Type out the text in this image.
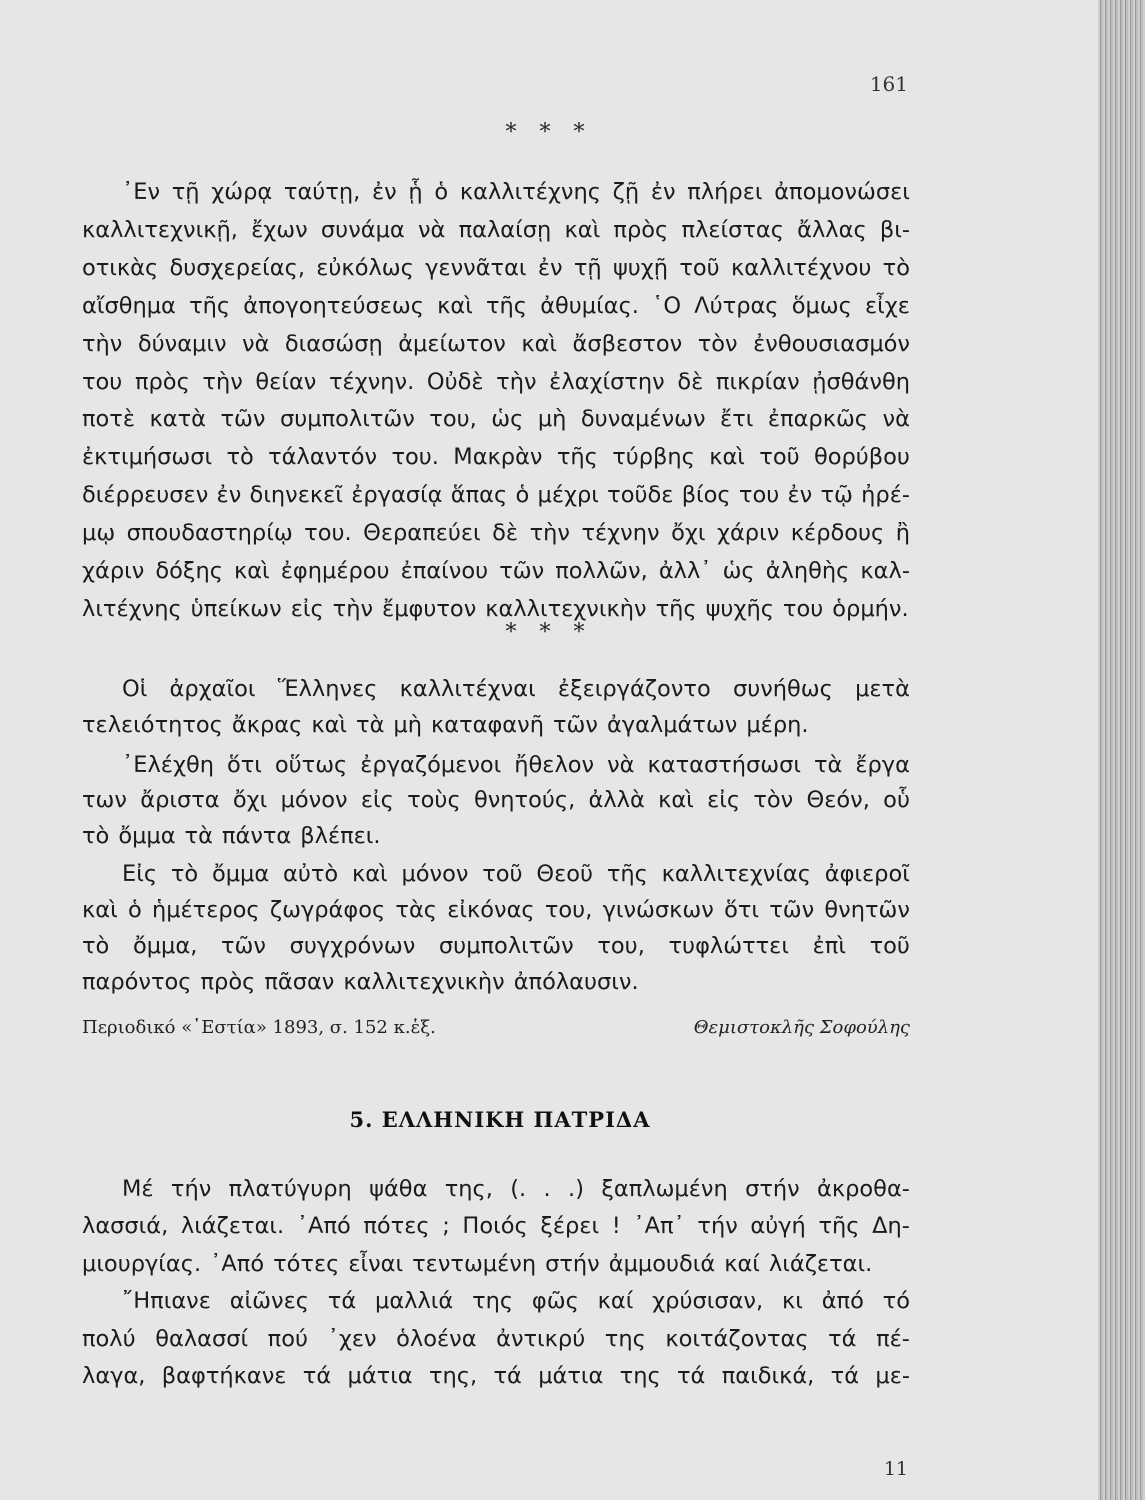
161
* * *
᾿Εν τῇ χώρᾳ ταύτῃ, ἐν ᾗ ὁ καλλιτέχνης ζῇ ἐν πλήρει ἀπομονώσει
καλλιτεχνικῇ, ἔχων συνάμα νὰ παλαίσῃ καὶ πρὸς πλείστας ἄλλας βι-
οτικὰς δυσχερείας, εὐκόλως γεννᾶται ἐν τῇ ψυχῇ τοῦ καλλιτέχνου τὸ
αἴσθημα τῆς ἀπογοητεύσεως καὶ τῆς ἀθυμίας. ῾Ο Λύτρας ὅμως εἶχε
τὴν δύναμιν νὰ διασώσῃ ἀμείωτον καὶ ἄσβεστον τὸν ἐνθουσιασμόν
του πρὸς τὴν θείαν τέχνην. Οὐδὲ τὴν ἐλαχίστην δὲ πικρίαν ᾐσθάνθη
ποτὲ κατὰ τῶν συμπολιτῶν του, ὡς μὴ δυναμένων ἔτι ἐπαρκῶς νὰ
ἐκτιμήσωσι τὸ τάλαντόν του. Μακρὰν τῆς τύρβης καὶ τοῦ θορύβου
διέρρευσεν ἐν διηνεκεῖ ἐργασίᾳ ἅπας ὁ μέχρι τοῦδε βίος του ἐν τῷ ἠρέ-
μῳ σπουδαστηρίῳ του. Θεραπεύει δὲ τὴν τέχνην ὄχι χάριν κέρδους ἢ
χάριν δόξης καὶ ἐφημέρου ἐπαίνου τῶν πολλῶν, ἀλλ᾿ ὡς ἀληθὴς καλ-
λιτέχνης ὑπείκων εἰς τὴν ἔμφυτον καλλιτεχνικὴν τῆς ψυχῆς του ὁρμήν.
* * *
Οἱ ἀρχαῖοι Ἕλληνες καλλιτέχναι ἐξειργάζοντο συνήθως μετὰ
τελειότητος ἄκρας καὶ τὰ μὴ καταφανῆ τῶν ἀγαλμάτων μέρη.
᾿Ελέχθη ὅτι οὕτως ἐργαζόμενοι ἤθελον νὰ καταστήσωσι τὰ ἔργα
των ἄριστα ὄχι μόνον εἰς τοὺς θνητούς, ἀλλὰ καὶ εἰς τὸν Θεόν, οὗ
τὸ ὄμμα τὰ πάντα βλέπει.
Εἰς τὸ ὄμμα αὐτὸ καὶ μόνον τοῦ Θεοῦ τῆς καλλιτεχνίας ἀφιεροῖ
καὶ ὁ ἡμέτερος ζωγράφος τὰς εἰκόνας του, γινώσκων ὅτι τῶν θνητῶν
τὸ ὄμμα, τῶν συγχρόνων συμπολιτῶν του, τυφλώττει ἐπὶ τοῦ
παρόντος πρὸς πᾶσαν καλλιτεχνικὴν ἀπόλαυσιν.
Περιοδικό «῾Εστία» 1893, σ. 152 κ.ἑξ.	Θεμιστοκλῆς Σοφούλης
5. ΕΛΛΗΝΙΚΗ ΠΑΤΡΙΔΑ
Μέ τήν πλατύγυρη ψάθα της, (. . .) ξαπλωμένη στήν ἀκροθα-
λασσιά, λιάζεται. ᾿Από πότες ; Ποιός ξέρει ! ᾿Απ᾿ τήν αὐγή τῆς Δη-
μιουργίας. ᾿Από τότες εἶναι τεντωμένη στήν ἀμμουδιά καί λιάζεται.
῎Ηπιανε αἰῶνες τά μαλλιά της φῶς καί χρύσισαν, κι ἀπό τό
πολύ θαλασσί πού ᾿χεν ὁλοένα ἀντικρύ της κοιτάζοντας τά πέ-
λαγα, βαφτήκανε τά μάτια της, τά μάτια της τά παιδικά, τά με-
11
